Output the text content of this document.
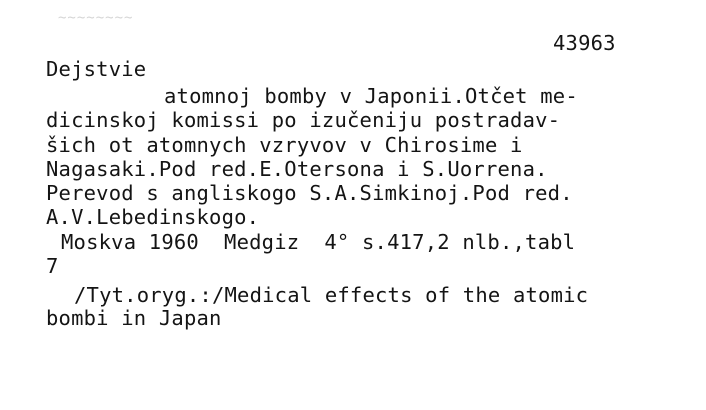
~~~~~~~~
43963
Dejstvie
atomnoj bomby v Japonii.Otčet me-
dicinskoj komissi po izučeniju postradav-
šich ot atomnych vzryvov v Chirosime i
Nagasaki.Pod red.E.Otersona i S.Uorrena.
Perevod s angliskogo S.A.Simkinoj.Pod red.
A.V.Lebedinskogo.
Moskva 1960  Medgiz  4° s.417,2 nlb.,tabl
7
/Tyt.oryg.:/Medical effects of the atomic
bombi in Japan
